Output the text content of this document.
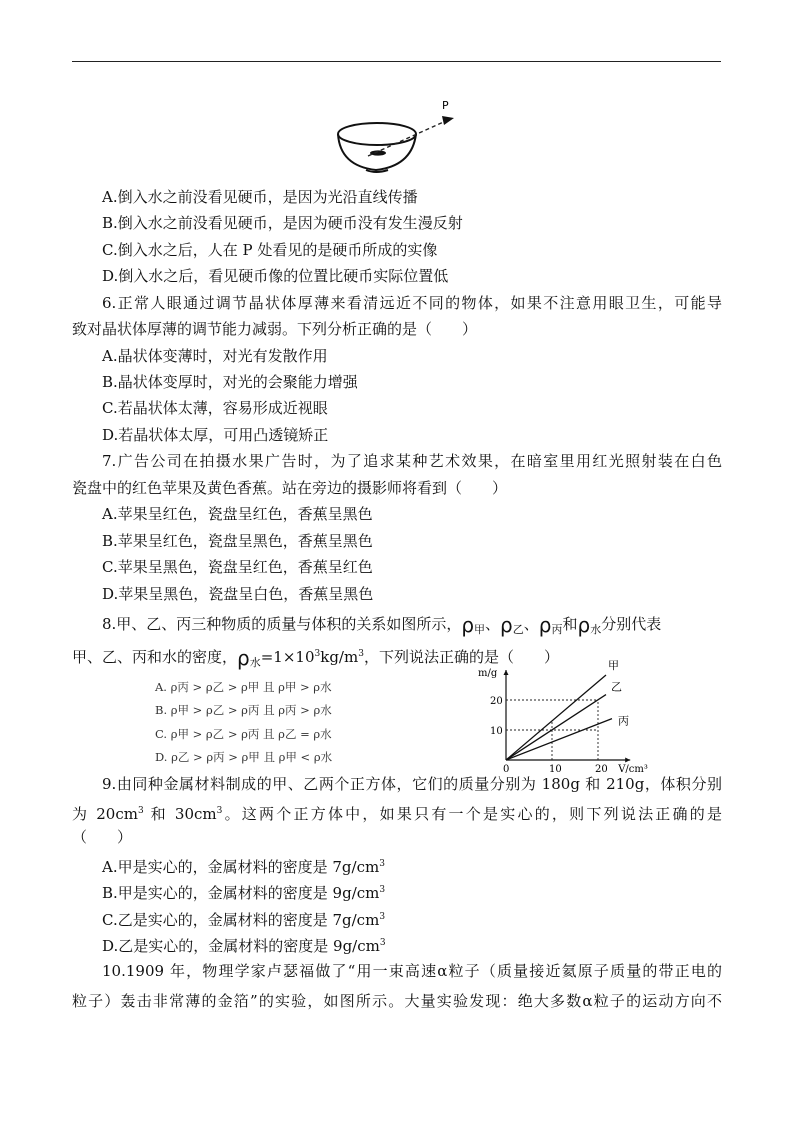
P
A.倒入水之前没看见硬币，是因为光沿直线传播
B.倒入水之前没看见硬币，是因为硬币没有发生漫反射
C.倒入水之后，人在 P 处看见的是硬币所成的实像
D.倒入水之后，看见硬币像的位置比硬币实际位置低
6.正常人眼通过调节晶状体厚薄来看清远近不同的物体，如果不注意用眼卫生，可能导
致对晶状体厚薄的调节能力减弱。下列分析正确的是（　　）
A.晶状体变薄时，对光有发散作用
B.晶状体变厚时，对光的会聚能力增强
C.若晶状体太薄，容易形成近视眼
D.若晶状体太厚，可用凸透镜矫正
7.广告公司在拍摄水果广告时，为了追求某种艺术效果，在暗室里用红光照射装在白色
瓷盘中的红色苹果及黄色香蕉。站在旁边的摄影师将看到（　　）
A.苹果呈红色，瓷盘呈红色，香蕉呈黑色
B.苹果呈红色，瓷盘呈黑色，香蕉呈黑色
C.苹果呈黑色，瓷盘呈红色，香蕉呈红色
D.苹果呈黑色，瓷盘呈白色，香蕉呈黑色
8.甲、乙、丙三种物质的质量与体积的关系如图所示，$\rho_甲$、$\rho_乙$、$\rho_丙$和$\rho_水$分别代表
甲、乙、丙和水的密度，$\rho_水=1\times 10^3kg/m^3$，下列说法正确的是（　　）
A. ρ丙 > ρ乙 > ρ甲 且 ρ甲 > ρ水
B. ρ甲 > ρ乙 > ρ丙 且 ρ丙 > ρ水
C. ρ甲 > ρ乙 > ρ丙 且 ρ乙 = ρ水
D. ρ乙 > ρ丙 > ρ甲 且 ρ甲 < ρ水
m/g
V/cm³
0	10	20
10
20
甲
乙
丙
9.由同种金属材料制成的甲、乙两个正方体，它们的质量分别为 180g 和 210g，体积分别
为 $20cm^3$ 和 $30cm^3$。这两个正方体中，如果只有一个是实心的，则下列说法正确的是
（　　）
A.甲是实心的，金属材料的密度是 $7g/cm^3$
B.甲是实心的，金属材料的密度是 $9g/cm^3$
C.乙是实心的，金属材料的密度是 $7g/cm^3$
D.乙是实心的，金属材料的密度是 $9g/cm^3$
10.1909 年，物理学家卢瑟福做了“用一束高速α粒子（质量接近氦原子质量的带正电的
粒子）轰击非常薄的金箔”的实验，如图所示。大量实验发现：绝大多数α粒子的运动方向不
